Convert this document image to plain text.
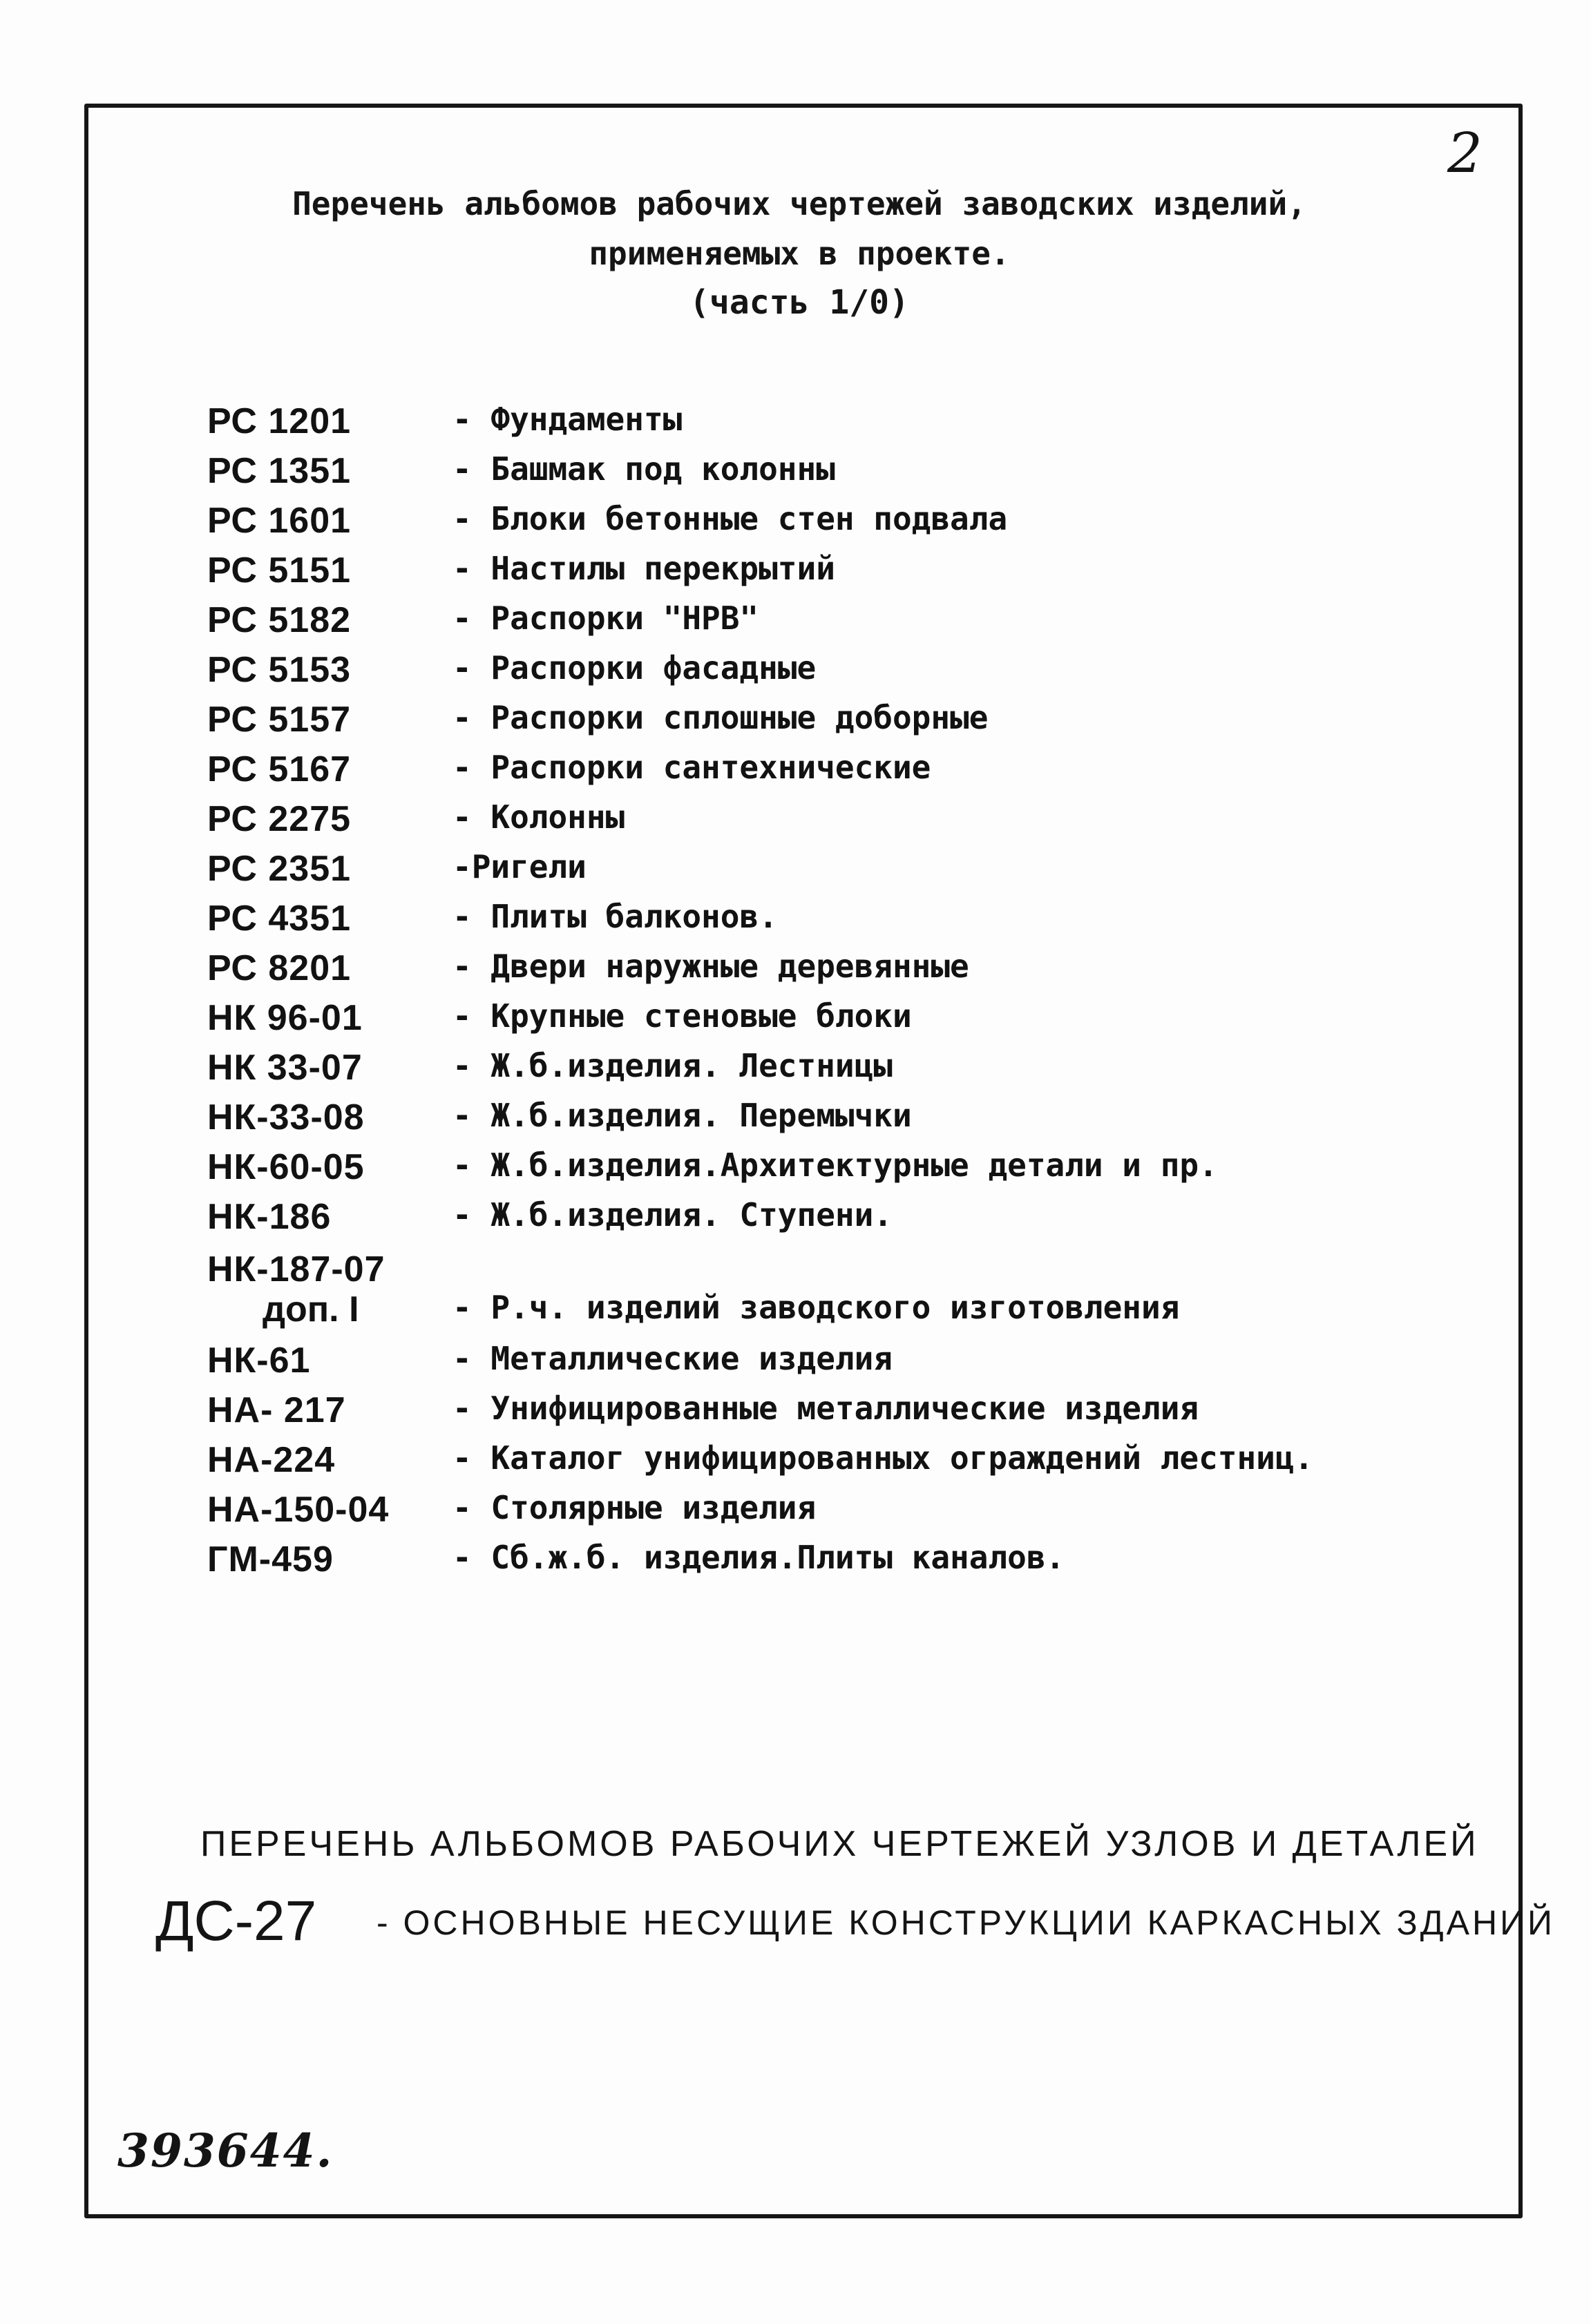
2
Перечень альбомов рабочих чертежей заводских изделий,
применяемых в проекте.
(часть 1/0)
РС 1201	- Фундаменты
РС 1351	- Башмак под колонны
РС 1601	- Блоки бетонные стен подвала
РС 5151	- Настилы перекрытий
РС 5182	- Распорки "НРВ"
РС 5153	- Распорки фасадные
РС 5157	- Распорки сплошные доборные
РС 5167	- Распорки сантехнические
РС 2275	- Колонны
РС 2351	-Ригели
РС 4351	- Плиты балконов.
РС 8201	- Двери наружные деревянные
НК 96-01	- Крупные стеновые блоки
НК 33-07	- Ж.б.изделия. Лестницы
НК-33-08	- Ж.б.изделия. Перемычки
НК-60-05	- Ж.б.изделия.Архитектурные детали и пр.
НК-186	- Ж.б.изделия. Ступени.
НК-187-07
доп. I	- Р.ч. изделий заводского изготовления
НК-61	- Металлические изделия
НА- 217	- Унифицированные металлические изделия
НА-224	- Каталог унифицированных ограждений лестниц.
НА-150-04 - Столярные изделия
ГМ-459	- Сб.ж.б. изделия.Плиты каналов.
ПЕРЕЧЕНЬ АЛЬБОМОВ РАБОЧИХ ЧЕРТЕЖЕЙ УЗЛОВ И ДЕТАЛЕЙ
ДС-27 - ОСНОВНЫЕ НЕСУЩИЕ КОНСТРУКЦИИ КАРКАСНЫХ ЗДАНИЙ
393644.
